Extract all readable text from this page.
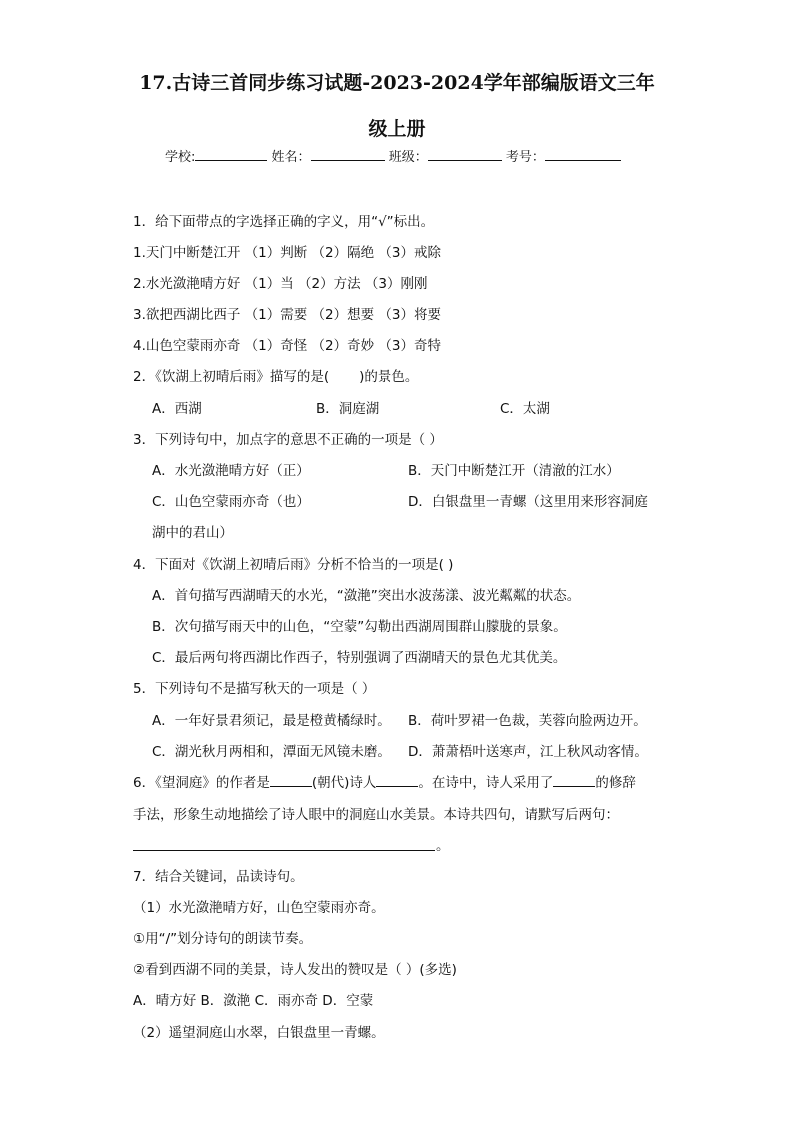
17.古诗三首同步练习试题-2023-2024学年部编版语文三年
级上册
学校:	姓名：	班级：	考号：
1．给下面带点的字选择正确的字义，用“√”标出。
1.天门中断楚江开 （1）判断 （2）隔绝 （3）戒除
2.水光潋滟晴方好 （1）当 （2）方法 （3）刚刚
3.欲把西湖比西子 （1）需要 （2）想要 （3）将要
4.山色空蒙雨亦奇 （1）奇怪 （2）奇妙 （3）奇特
2．《饮湖上初晴后雨》描写的是( )的景色。
A．西湖	B．洞庭湖	C．太湖
3．下列诗句中，加点字的意思不正确的一项是（ ）
A．水光潋滟晴方好（正）	B．天门中断楚江开（清澈的江水）
C．山色空蒙雨亦奇（也）	D．白银盘里一青螺（这里用来形容洞庭
湖中的君山）
4．下面对《饮湖上初晴后雨》分析不恰当的一项是( )
A．首句描写西湖晴天的水光，“潋滟”突出水波荡漾、波光粼粼的状态。
B．次句描写雨天中的山色，“空蒙”勾勒出西湖周围群山朦胧的景象。
C．最后两句将西湖比作西子，特别强调了西湖晴天的景色尤其优美。
5．下列诗句不是描写秋天的一项是（ ）
A．一年好景君须记，最是橙黄橘绿时。 B．荷叶罗裙一色裁，芙蓉向脸两边开。
C．湖光秋月两相和，潭面无风镜未磨。 D．萧萧梧叶送寒声，江上秋风动客情。
6．《望洞庭》的作者是	(朝代)诗人	。在诗中，诗人采用了	的修辞
手法，形象生动地描绘了诗人眼中的洞庭山水美景。本诗共四句，请默写后两句：
。
7．结合关键词，品读诗句。
（1）水光潋滟晴方好，山色空蒙雨亦奇。
①用“/”划分诗句的朗读节奏。
②看到西湖不同的美景，诗人发出的赞叹是（ ）(多选)
A．晴方好 B．潋滟 C．雨亦奇 D．空蒙
（2）遥望洞庭山水翠，白银盘里一青螺。
